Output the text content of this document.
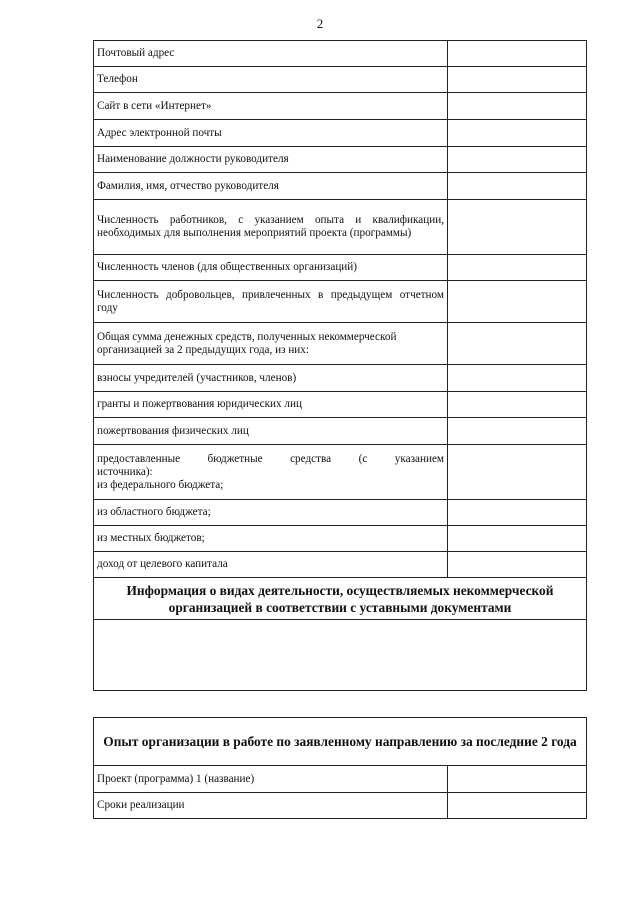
2
Почтовый адрес	
Телефон	
Сайт в сети «Интернет»	
Адрес электронной почты	
Наименование должности руководителя	
Фамилия, имя, отчество руководителя	
Численность работников, с указанием опыта и квалификации, необходимых для выполнения мероприятий проекта (программы)	
Численность членов (для общественных организаций)	
Численность добровольцев, привлеченных в предыдущем отчетном году	
Общая сумма денежных средств, полученных некоммерческой организацией за 2 предыдущих года, из них:	
взносы учредителей (участников, членов)	
гранты и пожертвования юридических лиц	
пожертвования физических лиц	

предоставленные бюджетные средства (с указанием
источника):
из федерального бюджета;	

из областного бюджета;	
из местных бюджетов;	
доход от целевого капитала	
Информация о видах деятельности, осуществляемых некоммерческой организацией в соответствии с уставными документами	

Опыт организации в работе по заявленному направлению за последние 2 года	
Проект (программа) 1 (название)	
Сроки реализации	
